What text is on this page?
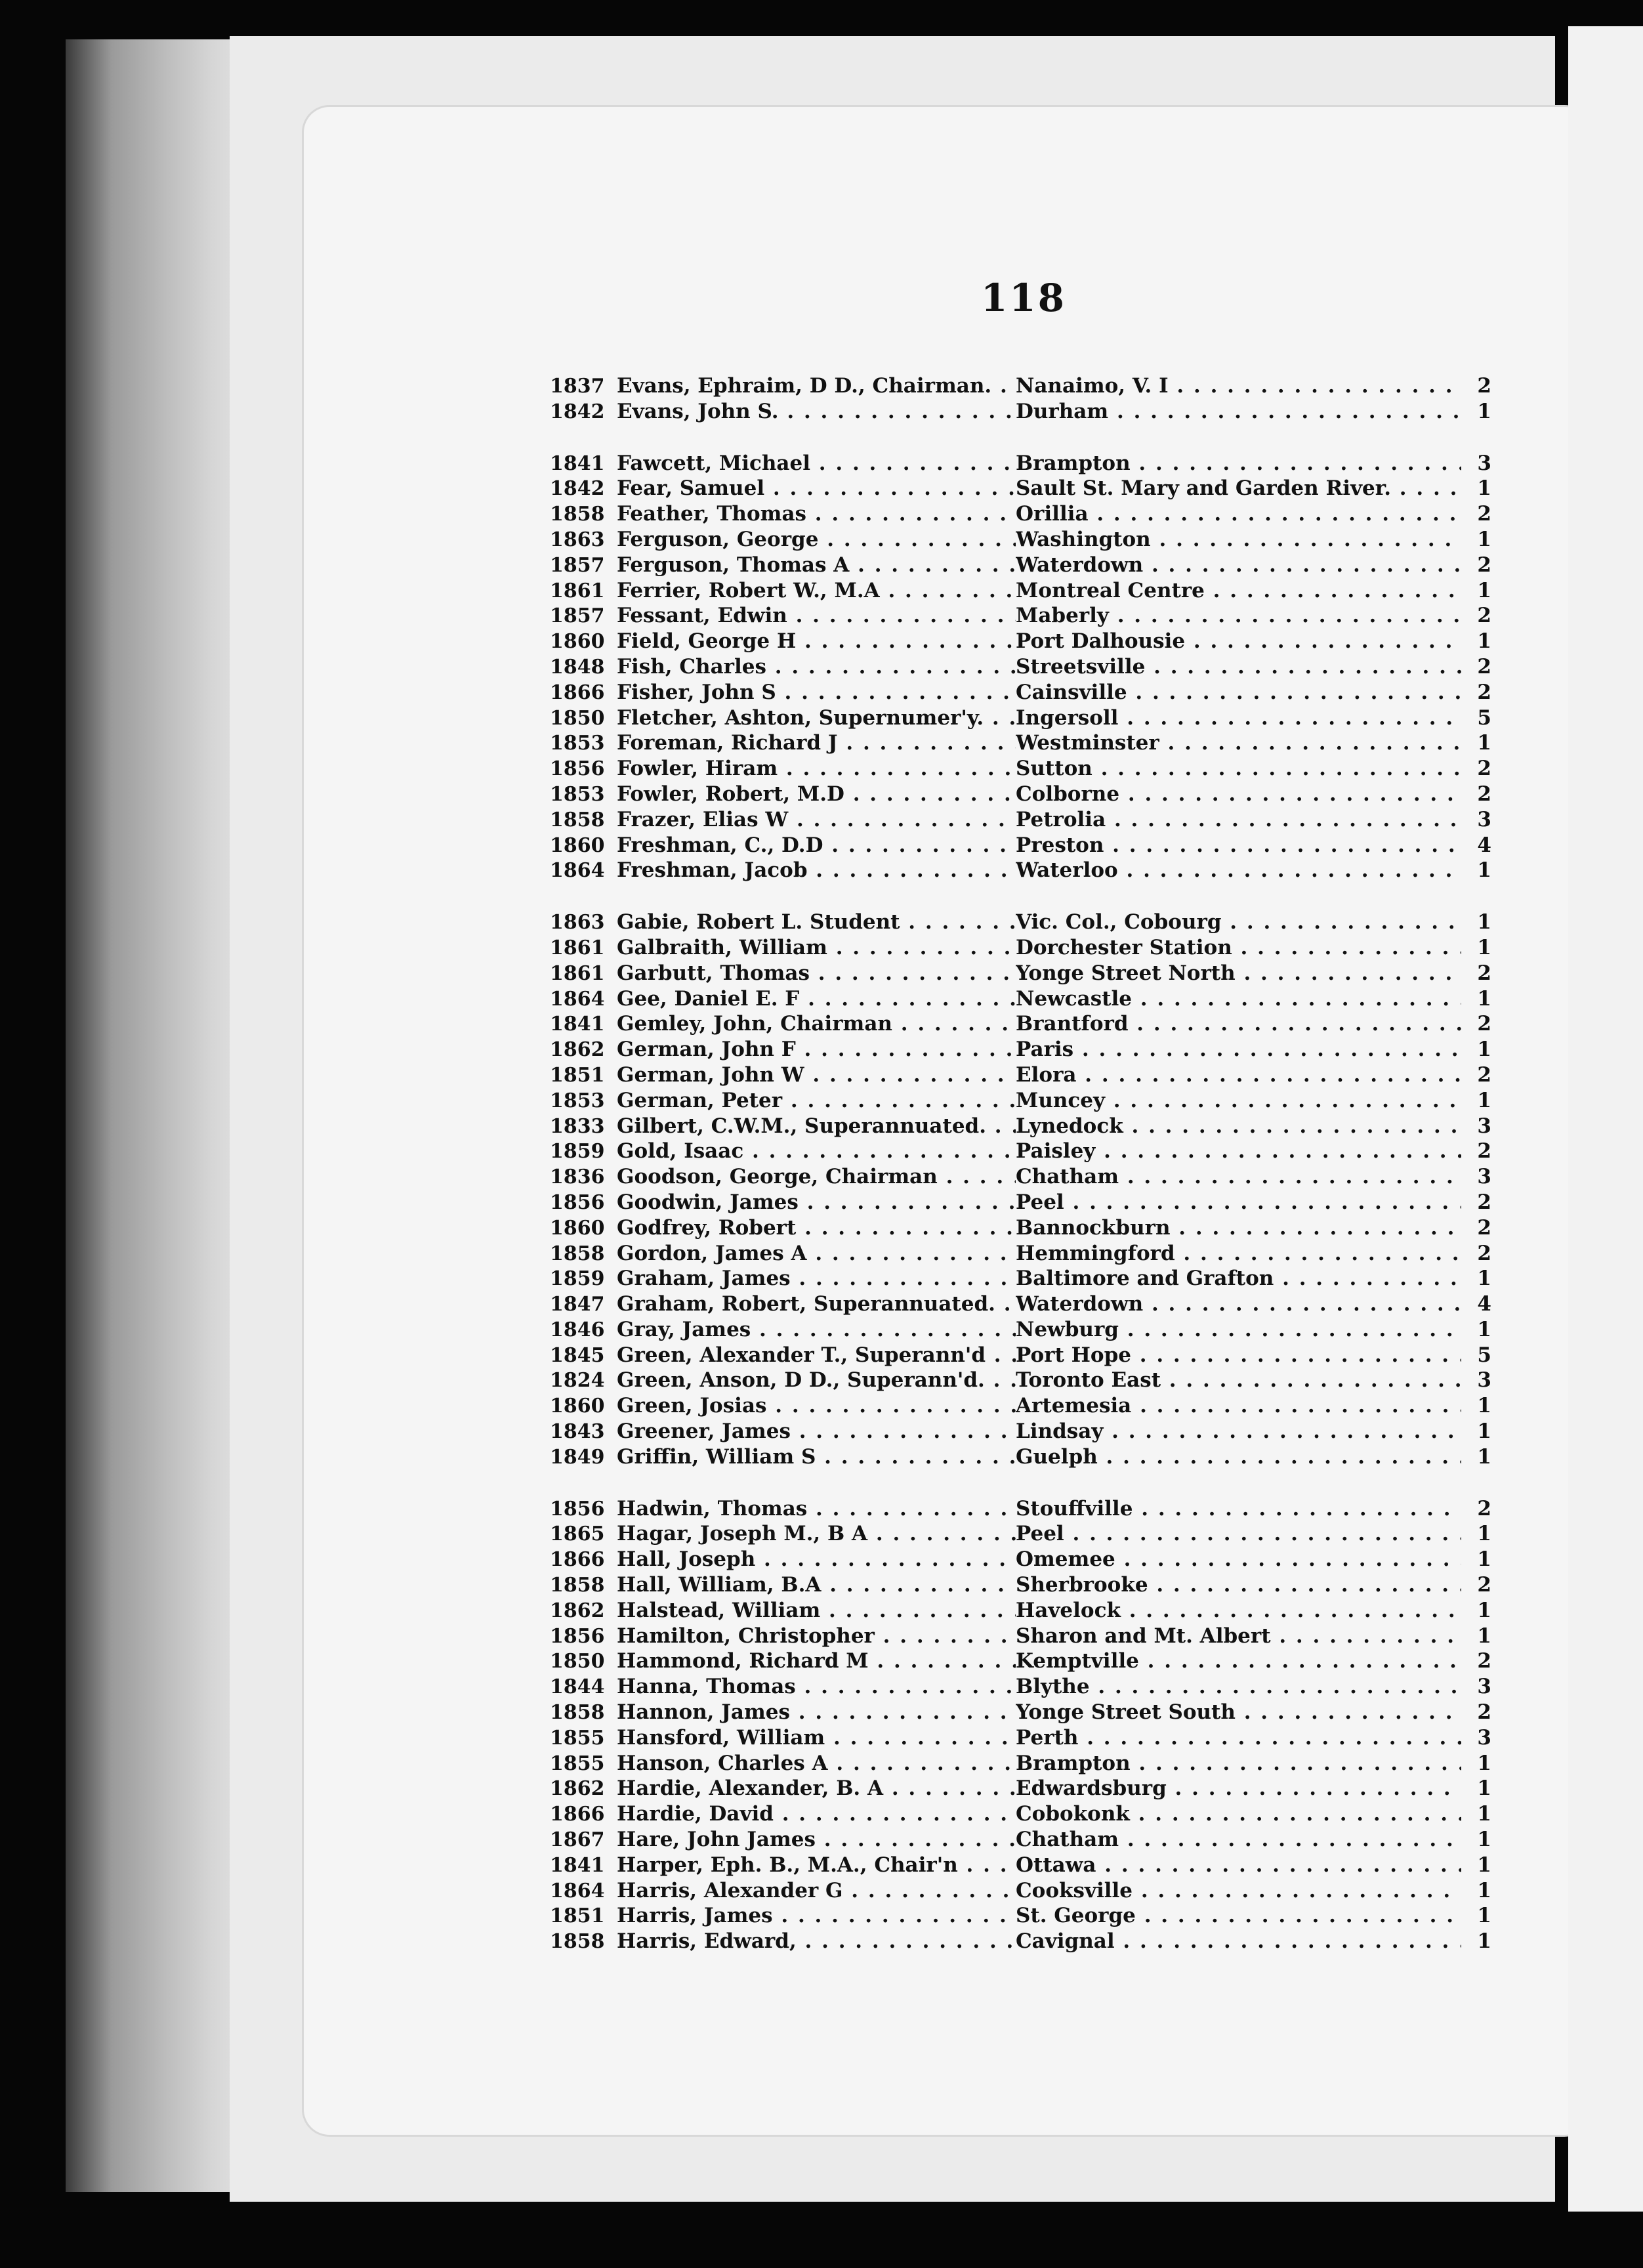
118
1837 Evans, Ephraim, D D., Chairman. . . .	Nanaimo, V. I . . .	2
1842 Evans, John S. . . .	Durham . . .	1
1841 Fawcett, Michael . . .	Brampton . . .	3
1842 Fear, Samuel . . .	Sault St. Mary and Garden River. . . .	1
1858 Feather, Thomas . . .	Orillia . . .	2
1863 Ferguson, George . . .	Washington . . .	1
1857 Ferguson, Thomas A . . .	Waterdown . . .	2
1861 Ferrier, Robert W., M.A . . .	Montreal Centre . . .	1
1857 Fessant, Edwin . . .	Maberly . . .	2
1860 Field, George H . . .	Port Dalhousie . . .	1
1848 Fish, Charles . . .	Streetsville . . .	2
1866 Fisher, John S . . .	Cainsville . . .	2
1850 Fletcher, Ashton, Supernumer'y. . . .	Ingersoll . . .	5
1853 Foreman, Richard J . . .	Westminster . . .	1
1856 Fowler, Hiram . . .	Sutton . . .	2
1853 Fowler, Robert, M.D . . .	Colborne . . .	2
1858 Frazer, Elias W . . .	Petrolia . . .	3
1860 Freshman, C., D.D . . .	Preston . . .	4
1864 Freshman, Jacob . . .	Waterloo . . .	1
1863 Gabie, Robert L. Student . . .	Vic. Col., Cobourg . . .	1
1861 Galbraith, William . . .	Dorchester Station . . .	1
1861 Garbutt, Thomas . . .	Yonge Street North . . .	2
1864 Gee, Daniel E. F . . .	Newcastle . . .	1
1841 Gemley, John, Chairman . . .	Brantford . . .	2
1862 German, John F . . .	Paris . . .	1
1851 German, John W . . .	Elora . . .	2
1853 German, Peter . . .	Muncey . . .	1
1833 Gilbert, C.W.M., Superannuated. . . .	Lynedock . . .	3
1859 Gold, Isaac . . .	Paisley . . .	2
1836 Goodson, George, Chairman . . .	Chatham . . .	3
1856 Goodwin, James . . .	Peel . . .	2
1860 Godfrey, Robert . . .	Bannockburn . . .	2
1858 Gordon, James A . . .	Hemmingford . . .	2
1859 Graham, James . . .	Baltimore and Grafton . . .	1
1847 Graham, Robert, Superannuated. . . .	Waterdown . . .	4
1846 Gray, James . . .	Newburg . . .	1
1845 Green, Alexander T., Superann'd . . .	Port Hope . . .	5
1824 Green, Anson, D D., Superann'd. . . .	Toronto East . . .	3
1860 Green, Josias . . .	Artemesia . . .	1
1843 Greener, James . . .	Lindsay . . .	1
1849 Griffin, William S . . .	Guelph . . .	1
1856 Hadwin, Thomas . . .	Stouffville . . .	2
1865 Hagar, Joseph M., B A . . .	Peel . . .	1
1866 Hall, Joseph . . .	Omemee . . .	1
1858 Hall, William, B.A . . .	Sherbrooke . . .	2
1862 Halstead, William . . .	Havelock . . .	1
1856 Hamilton, Christopher . . .	Sharon and Mt. Albert . . .	1
1850 Hammond, Richard M . . .	Kemptville . . .	2
1844 Hanna, Thomas . . .	Blythe . . .	3
1858 Hannon, James . . .	Yonge Street South . . .	2
1855 Hansford, William . . .	Perth . . .	3
1855 Hanson, Charles A . . .	Brampton . . .	1
1862 Hardie, Alexander, B. A . . .	Edwardsburg . . .	1
1866 Hardie, David . . .	Cobokonk . . .	1
1867 Hare, John James . . .	Chatham . . .	1
1841 Harper, Eph. B., M.A., Chair'n . . .	Ottawa . . .	1
1864 Harris, Alexander G . . .	Cooksville . . .	1
1851 Harris, James . . .	St. George . . .	1
1858 Harris, Edward, . . .	Cavignal . . .	1
